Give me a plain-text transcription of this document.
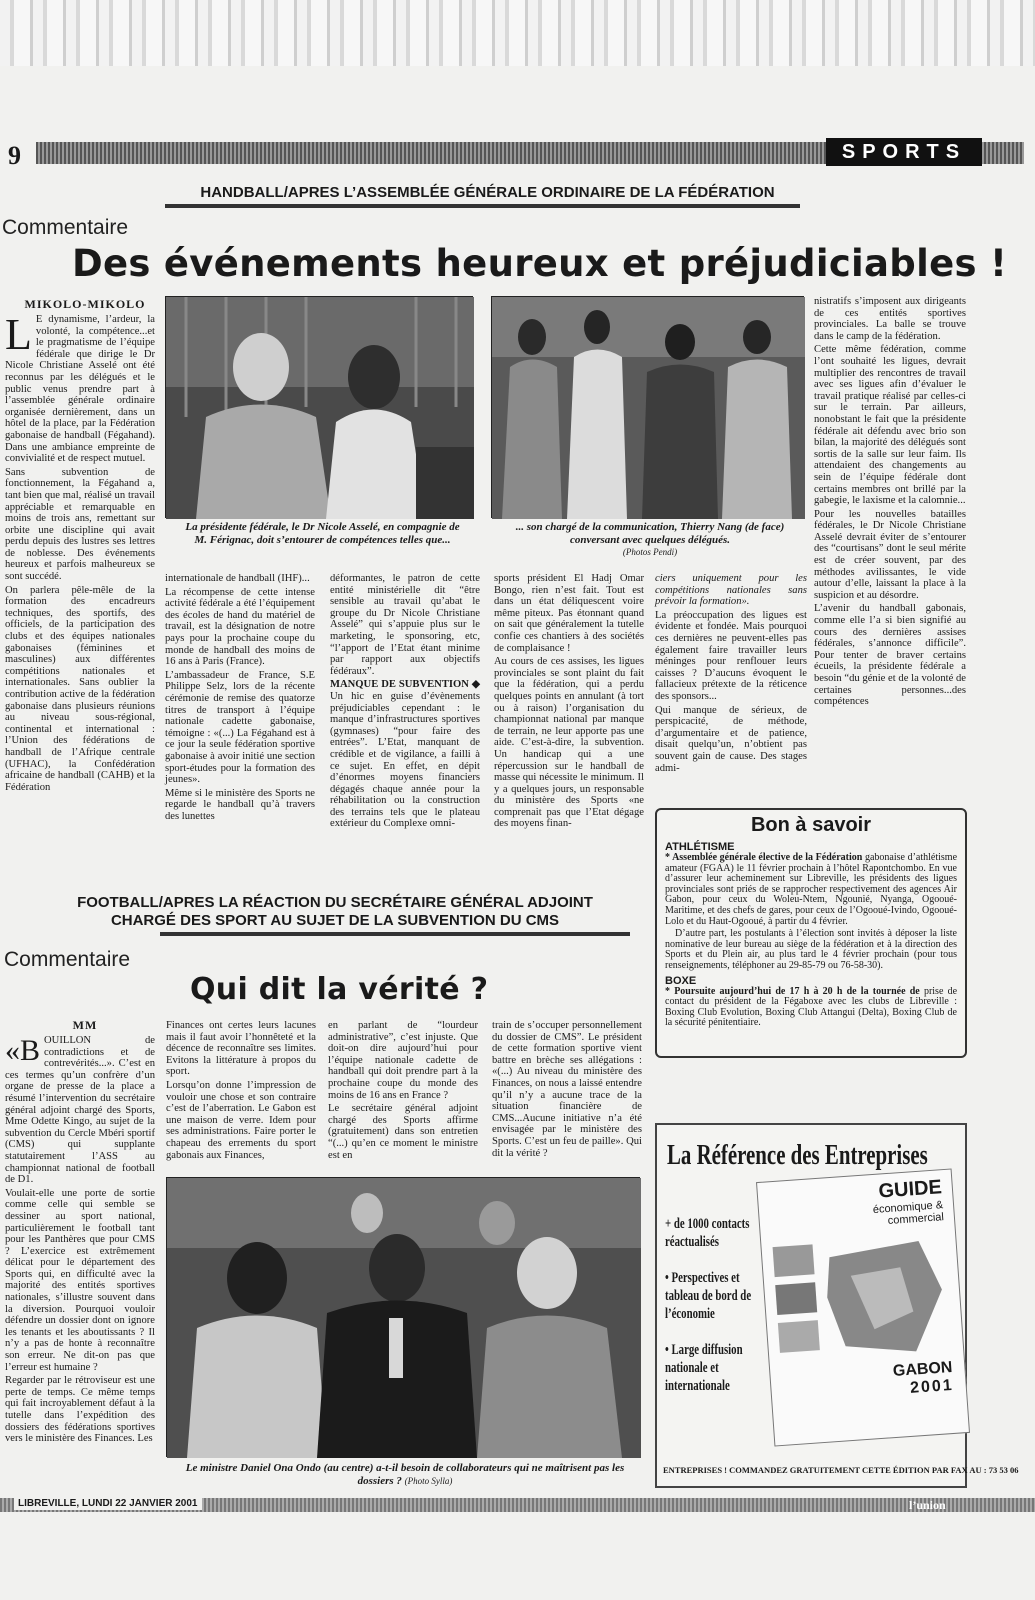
9	SPORTS
HANDBALL/APRES L’ASSEMBLÉE GÉNÉRALE ORDINAIRE DE LA FÉDÉRATION
Commentaire
Des événements heureux et préjudiciables !
MIKOLO-MIKOLO

L E dynamisme, l’ardeur, la volonté, la compétence...et le pragmatisme de l’équipe fédérale que dirige le Dr Nicole Christiane Asselé ont été reconnus par les délégués et le public venus prendre part à l’assemblée générale ordinaire organisée dernièrement, dans un hôtel de la place, par la Fédération gabonaise de handball (Fégahand). Dans une ambiance empreinte de convivialité et de respect mutuel.

Sans subvention de fonctionnement, la Fégahand a, tant bien que mal, réalisé un travail appréciable et remarquable en moins de trois ans, remettant sur orbite une discipline qui avait perdu depuis des lustres ses lettres de noblesse. Des événements heureux et parfois malheureux se sont succédé.

On parlera pêle-mêle de la formation des encadreurs techniques, des sportifs, des officiels, de la participation des clubs et des équipes nationales gabonaises (féminines et masculines) aux différentes compétitions nationales et internationales. Sans oublier la contribution active de la fédération gabonaise dans plusieurs réunions au niveau sous-régional, continental et international : l’Union des fédérations de handball de l’Afrique centrale (UFHAC), la Confédération africaine de handball (CAHB) et la Fédération

La présidente fédérale, le Dr Nicole Asselé, en compagnie de M. Férignac, doit s’entourer de compétences telles que...
... son chargé de la communication, Thierry Nang (de face) conversant avec quelques délégués.
(Photos Pendi)

internationale de handball (IHF)...

La récompense de cette intense activité fédérale a été l’équipement des écoles de hand du matériel de travail, est la désignation de notre pays pour la prochaine coupe du monde de handball des moins de 16 ans à Paris (France).

L’ambassadeur de France, S.E Philippe Selz, lors de la récente cérémonie de remise des quatorze titres de transport à l’équipe nationale cadette gabonaise, témoigne : «(...) La Fégahand est à ce jour la seule fédération sportive gabonaise à avoir initié une section sport-études pour la formation des jeunes».

Même si le ministère des Sports ne regarde le handball qu’à travers des lunettes

déformantes, le patron de cette entité ministérielle dit “être sensible au travail qu’abat le groupe du Dr Nicole Christiane Asselé” qui s’appuie plus sur le marketing, le sponsoring, etc, “l’apport de l’Etat étant minime par rapport aux objectifs fédéraux”.

MANQUE DE SUBVENTION ◆ Un hic en guise d’évènements préjudiciables cependant : le manque d’infrastructures sportives (gymnases) “pour faire des entrées”. L’Etat, manquant de crédible et de vigilance, a failli à ce sujet. En effet, en dépit d’énormes moyens financiers dégagés chaque année pour la réhabilitation ou la construction des terrains tels que le plateau extérieur du Complexe omni-

sports président El Hadj Omar Bongo, rien n’est fait. Tout est dans un état déliquescent voire même piteux. Pas étonnant quand on sait que généralement la tutelle confie ces chantiers à des sociétés de complaisance !

Au cours de ces assises, les ligues provinciales se sont plaint du fait que la fédération, qui a perdu quelques points en annulant (à tort ou à raison) l’organisation du championnat national par manque de terrain, ne leur apporte pas une aide. C’est-à-dire, la subvention. Un handicap qui a une répercussion sur le handball de masse qui nécessite le minimum. Il y a quelques jours, un responsable du ministère des Sports «ne comprenait pas que l’Etat dégage des moyens finan-

ciers uniquement pour les compétitions nationales sans prévoir la formation».

La préoccupation des ligues est évidente et fondée. Mais pourquoi ces dernières ne peuvent-elles pas également faire travailler leurs méninges pour renflouer leurs caisses ? D’aucuns évoquent le fallacieux prétexte de la réticence des sponsors...

Qui manque de sérieux, de perspicacité, de méthode, d’argumentaire et de patience, disait quelqu’un, n’obtient pas souvent gain de cause. Des stages admi-

nistratifs s’imposent aux dirigeants de ces entités sportives provinciales. La balle se trouve dans le camp de la fédération.

Cette même fédération, comme l’ont souhaité les ligues, devrait multiplier des rencontres de travail avec ses ligues afin d’évaluer le travail pratique réalisé par celles-ci sur le terrain. Par ailleurs, nonobstant le fait que la présidente fédérale ait défendu avec brio son bilan, la majorité des délégués sont sortis de la salle sur leur faim. Ils attendaient des changements au sein de l’équipe fédérale dont certains membres ont brillé par la gabegie, le laxisme et la calomnie...

Pour les nouvelles batailles fédérales, le Dr Nicole Christiane Asselé devrait éviter de s’entourer des “courtisans” dont le seul mérite est de créer souvent, par des méthodes avilissantes, le vide autour d’elle, laissant la place à la suspicion et au désordre.

L’avenir du handball gabonais, comme elle l’a si bien signifié au cours des dernières assises fédérales, s’annonce difficile”. Pour tenter de braver certains écueils, la présidente fédérale a besoin “du génie et de la volonté de certaines personnes...des compétences

Bon à savoir
ATHLÉTISME

* Assemblée générale élective de la Fédération gabonaise d’athlétisme amateur (FGAA) le 11 février prochain à l’hôtel Rapontchombo. En vue d’assurer leur acheminement sur Libreville, les présidents des ligues provinciales sont priés de se rapprocher respectivement des agences Air Gabon, pour ceux du Woleu-Ntem, Ngounié, Nyanga, Ogooué-Maritime, et des chefs de gares, pour ceux de l’Ogooué-Ivindo, Ogooué-Lolo et du Haut-Ogooué, à partir du 4 février.

D’autre part, les postulants à l’élection sont invités à déposer la liste nominative de leur bureau au siège de la fédération et à la direction des Sports et du Plein air, au plus tard le 4 février prochain (pour tous renseignements, téléphoner au 29-85-79 ou 76-58-30).

BOXE

* Poursuite aujourd’hui de 17 h à 20 h de la tournée de prise de contact du président de la Fégaboxe avec les clubs de Libreville : Boxing Club Evolution, Boxing Club Attangui (Delta), Boxing Club de la sécurité pénitentiaire.

FOOTBALL/APRES LA RÉACTION DU SECRÉTAIRE GÉNÉRAL ADJOINT
CHARGÉ DES SPORT AU SUJET DE LA SUBVENTION DU CMS
Commentaire
Qui dit la vérité ?
MM

«BOUILLON de contradictions et de contrevérités...». C’est en ces termes qu’un confrère d’un organe de presse de la place a résumé l’intervention du secrétaire général adjoint chargé des Sports, Mme Odette Kingo, au sujet de la subvention du Cercle Mbéri sportif (CMS) qui supplante statutairement l’ASS au championnat national de football de D1.

Voulait-elle une porte de sortie comme celle qui semble se dessiner au sport national, particulièrement le football tant pour les Panthères que pour CMS ? L’exercice est extrêmement délicat pour le département des Sports qui, en difficulté avec la majorité des entités sportives nationales, s’illustre souvent dans la diversion. Pourquoi vouloir défendre un dossier dont on ignore les tenants et les aboutissants ? Il n’y a pas de honte à reconnaître son erreur. Ne dit-on pas que l’erreur est humaine ?

Regarder par le rétroviseur est une perte de temps. Ce même temps qui fait incroyablement défaut à la tutelle dans l’expédition des dossiers des fédérations sportives vers le ministère des Finances. Les

Finances ont certes leurs lacunes mais il faut avoir l’honnêteté et la décence de reconnaître ses limites. Evitons la littérature à propos du sport.

Lorsqu’on donne l’impression de vouloir une chose et son contraire c’est de l’aberration. Le Gabon est une maison de verre. Idem pour ses administrations. Faire porter le chapeau des errements du sport gabonais aux Finances,

en parlant de “lourdeur administrative”, c’est injuste. Que doit-on dire aujourd’hui pour l’équipe nationale cadette de handball qui doit prendre part à la prochaine coupe du monde des moins de 16 ans en France ?

Le secrétaire général adjoint chargé des Sports affirme (gratuitement) dans son entretien “(...) qu’en ce moment le ministre est en

train de s’occuper personnellement du dossier de CMS”. Le président de cette formation sportive vient battre en brèche ses allégations : «(...) Au niveau du ministère des Finances, on nous a laissé entendre qu’il n’y a aucune trace de la situation financière de CMS...Aucune initiative n’a été envisagée par le ministère des Sports. C’est un feu de paille». Qui dit la vérité ?

Le ministre Daniel Ona Ondo (au centre) a-t-il besoin de collaborateurs qui ne maîtrisent pas les dossiers ? (Photo Sylla)
La Référence des Entreprises
+ de 1000 contacts réactualisés
• Perspectives et tableau de bord de l’économie
• Large diffusion nationale et internationale
GUIDE
économique & commercial
GABON
2001
ENTREPRISES ! COMMANDEZ GRATUITEMENT CETTE ÉDITION PAR FAX AU : 73 53 06
LIBREVILLE, LUNDI 22 JANVIER 2001	l’union
